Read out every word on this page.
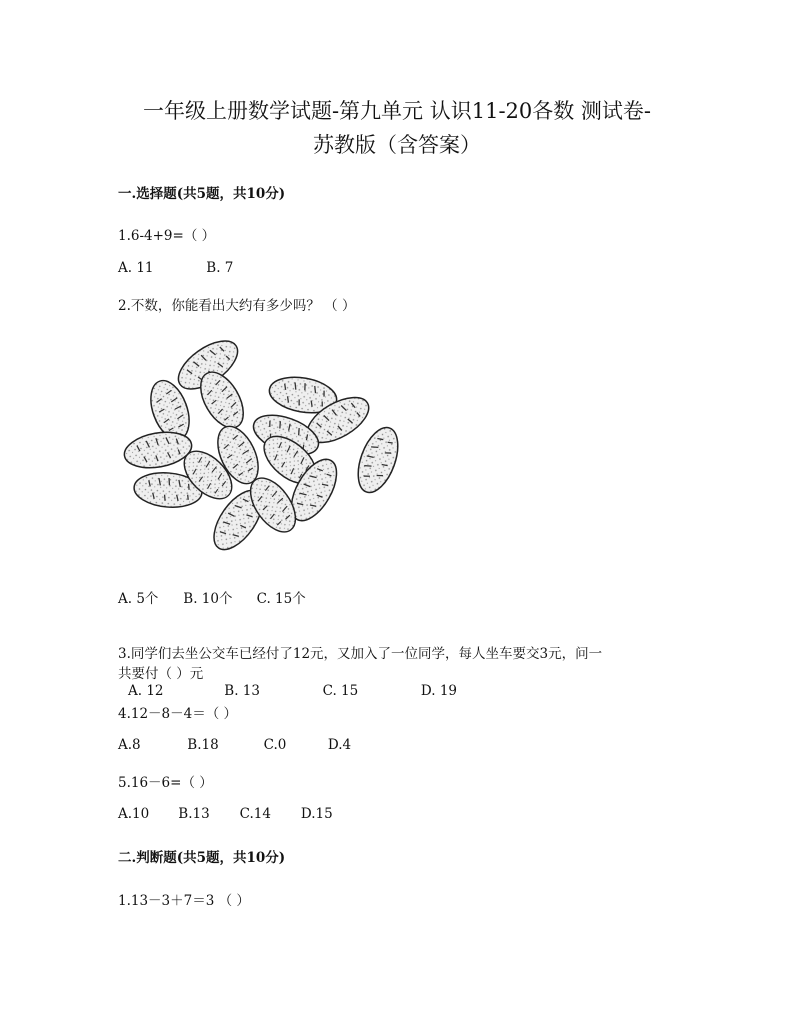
一年级上册数学试题-第九单元 认识11-20各数 测试卷-
苏教版（含答案）
一.选择题(共5题，共10分)
1.6-4+9=（ ）
A. 11	B. 7
2.不数，你能看出大约有多少吗？ （ ）
A. 5个 B. 10个 C. 15个
3.同学们去坐公交车已经付了12元，又加入了一位同学，每人坐车要交3元，问一
共要付（ ）元
A. 12	B. 13	C. 15	D. 19
4.12－8－4＝（ ）
A.8	B.18	C.0	D.4
5.16－6=（ ）
A.10 B.13 C.14 D.15
二.判断题(共5题，共10分)
1.13－3＋7＝3 （ ）
